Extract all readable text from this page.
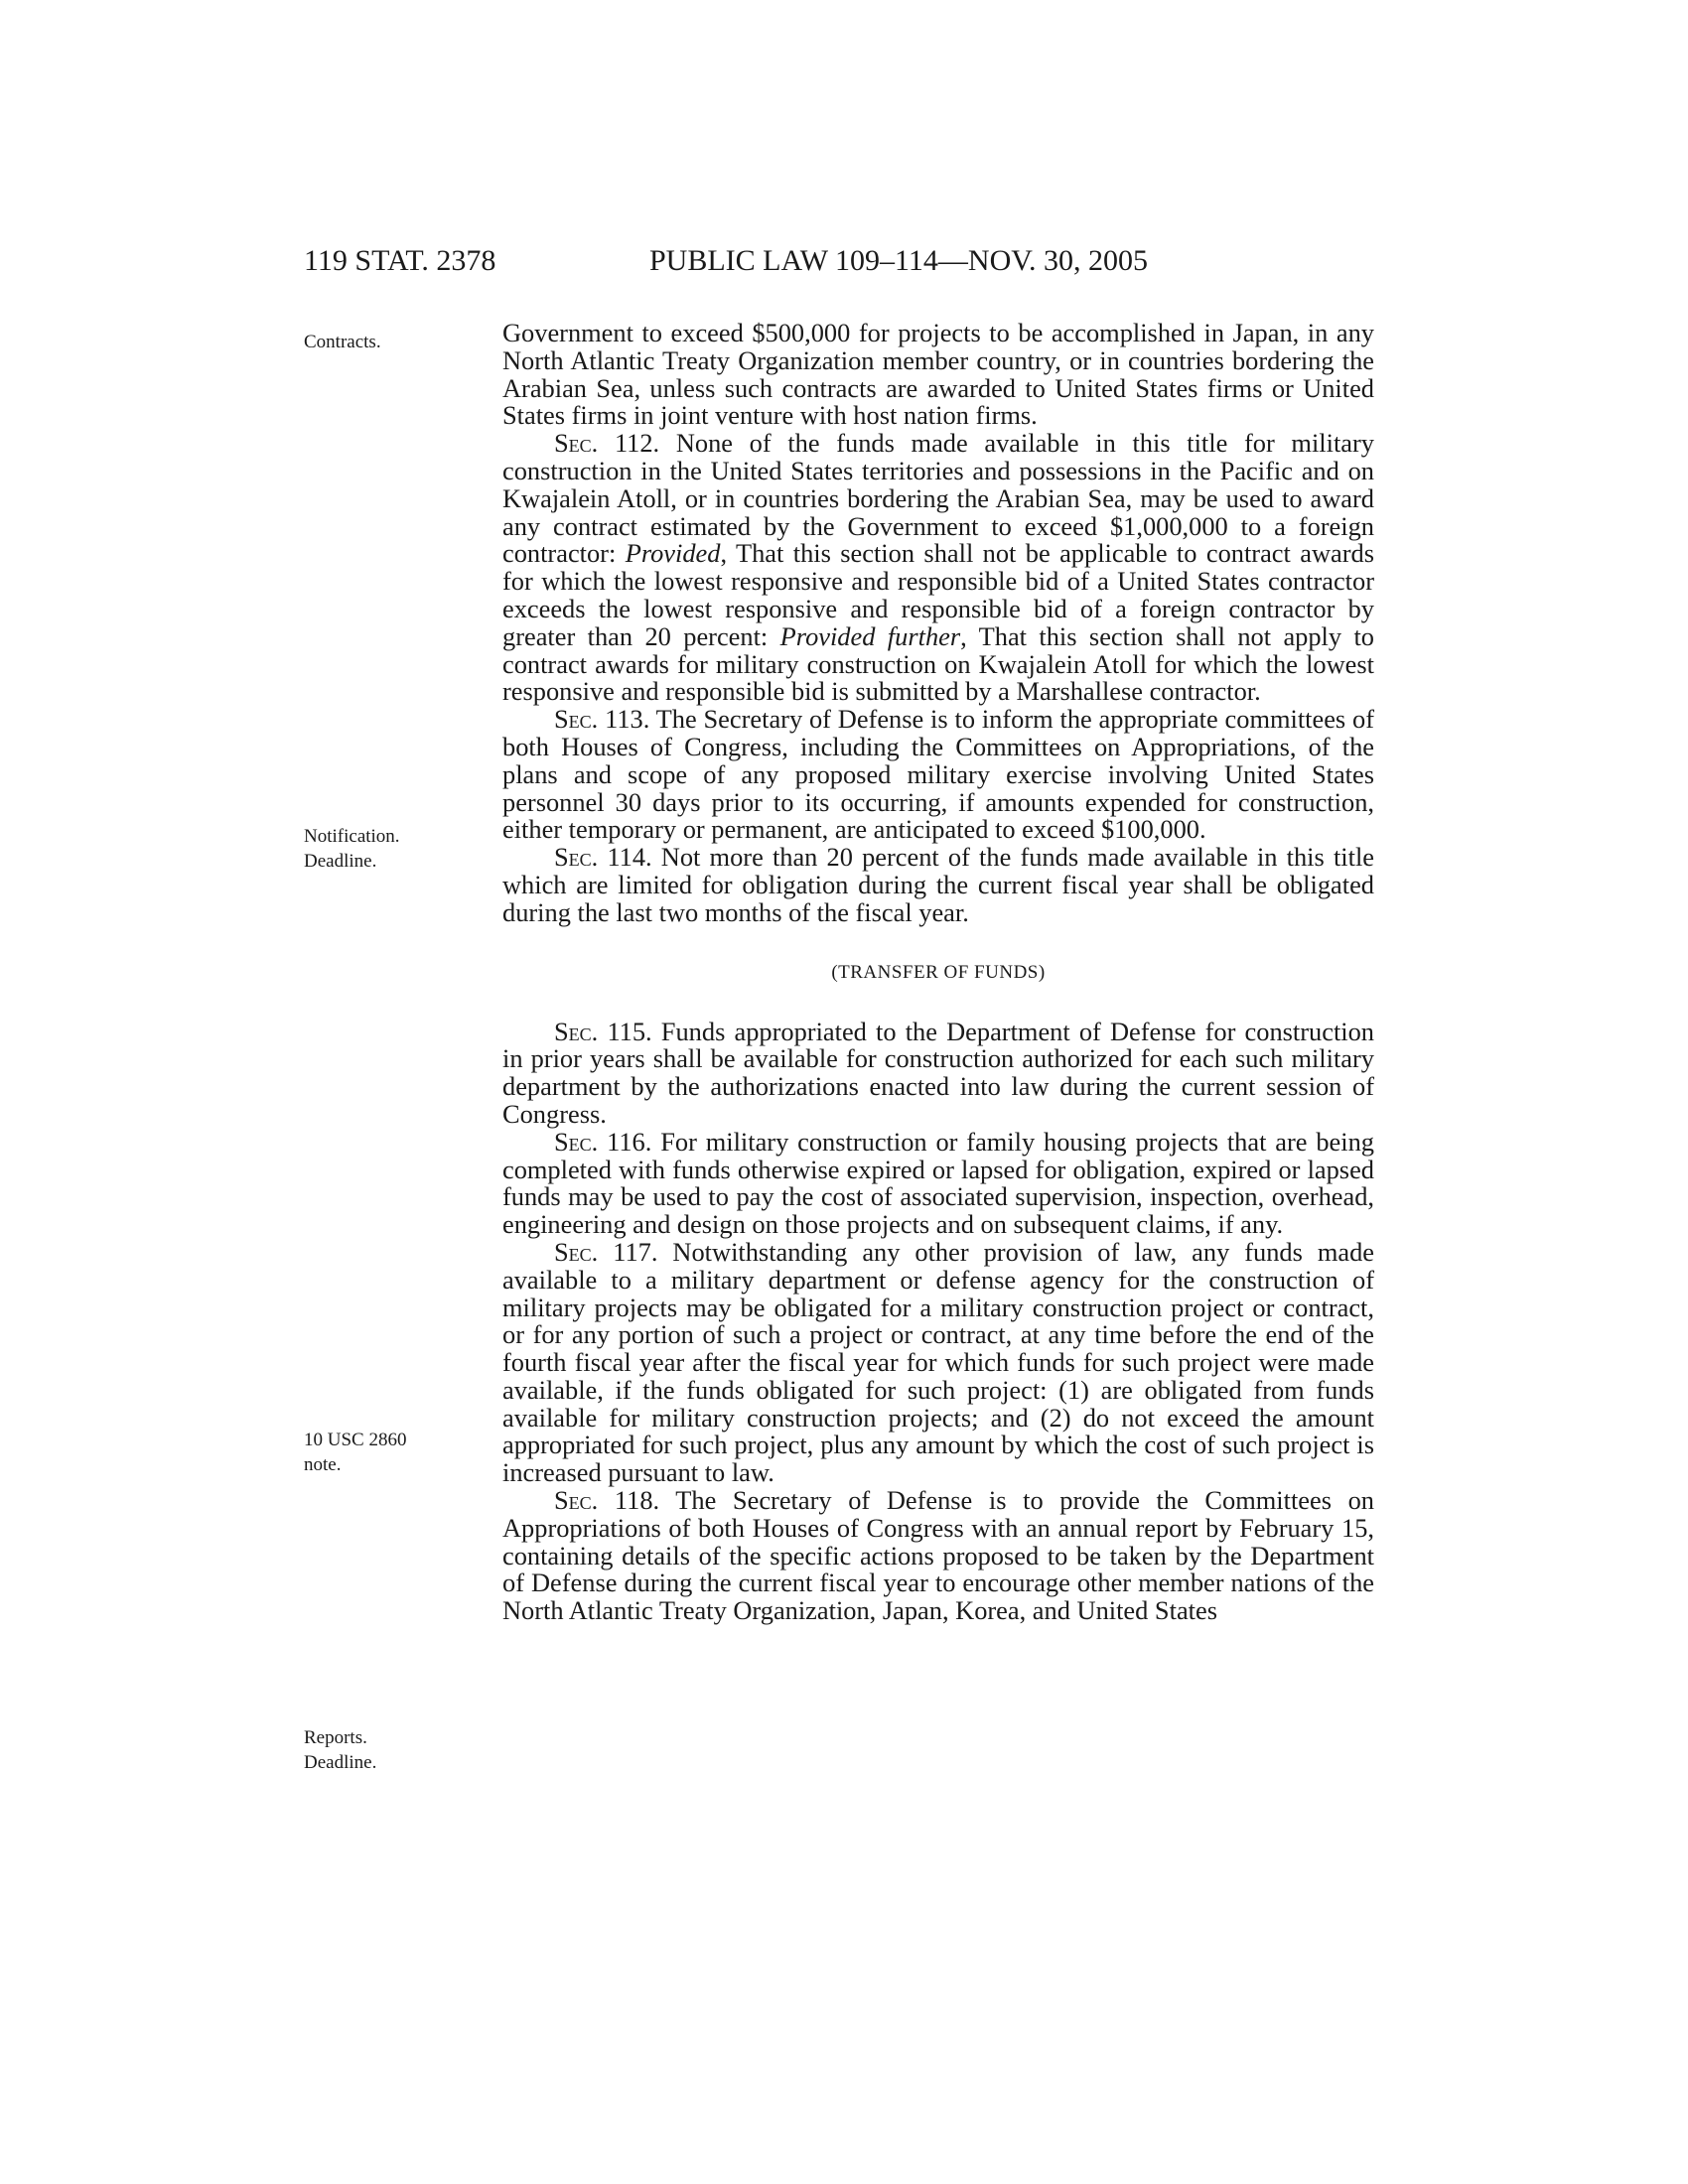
119 STAT. 2378	PUBLIC LAW 109–114—NOV. 30, 2005
Contracts.
Notification.
Deadline.
10 USC 2860
note.
Reports.
Deadline.

Government to exceed $500,000 for projects to be accomplished in Japan, in any North Atlantic Treaty Organization member country, or in countries bordering the Arabian Sea, unless such contracts are awarded to United States firms or United States firms in joint venture with host nation firms.

Sec. 112. None of the funds made available in this title for military construction in the United States territories and possessions in the Pacific and on Kwajalein Atoll, or in countries bordering the Arabian Sea, may be used to award any contract estimated by the Government to exceed $1,000,000 to a foreign contractor: Provided, That this section shall not be applicable to contract awards for which the lowest responsive and responsible bid of a United States contractor exceeds the lowest responsive and responsible bid of a foreign contractor by greater than 20 percent: Provided further, That this section shall not apply to contract awards for military construction on Kwajalein Atoll for which the lowest responsive and responsible bid is submitted by a Marshallese contractor.

Sec. 113. The Secretary of Defense is to inform the appropriate committees of both Houses of Congress, including the Committees on Appropriations, of the plans and scope of any proposed military exercise involving United States personnel 30 days prior to its occurring, if amounts expended for construction, either temporary or permanent, are anticipated to exceed $100,000.

Sec. 114. Not more than 20 percent of the funds made available in this title which are limited for obligation during the current fiscal year shall be obligated during the last two months of the fiscal year.

(TRANSFER OF FUNDS)

Sec. 115. Funds appropriated to the Department of Defense for construction in prior years shall be available for construction authorized for each such military department by the authorizations enacted into law during the current session of Congress.

Sec. 116. For military construction or family housing projects that are being completed with funds otherwise expired or lapsed for obligation, expired or lapsed funds may be used to pay the cost of associated supervision, inspection, overhead, engineering and design on those projects and on subsequent claims, if any.

Sec. 117. Notwithstanding any other provision of law, any funds made available to a military department or defense agency for the construction of military projects may be obligated for a military construction project or contract, or for any portion of such a project or contract, at any time before the end of the fourth fiscal year after the fiscal year for which funds for such project were made available, if the funds obligated for such project: (1) are obligated from funds available for military construction projects; and (2) do not exceed the amount appropriated for such project, plus any amount by which the cost of such project is increased pursuant to law.

Sec. 118. The Secretary of Defense is to provide the Committees on Appropriations of both Houses of Congress with an annual report by February 15, containing details of the specific actions proposed to be taken by the Department of Defense during the current fiscal year to encourage other member nations of the North Atlantic Treaty Organization, Japan, Korea, and United States
